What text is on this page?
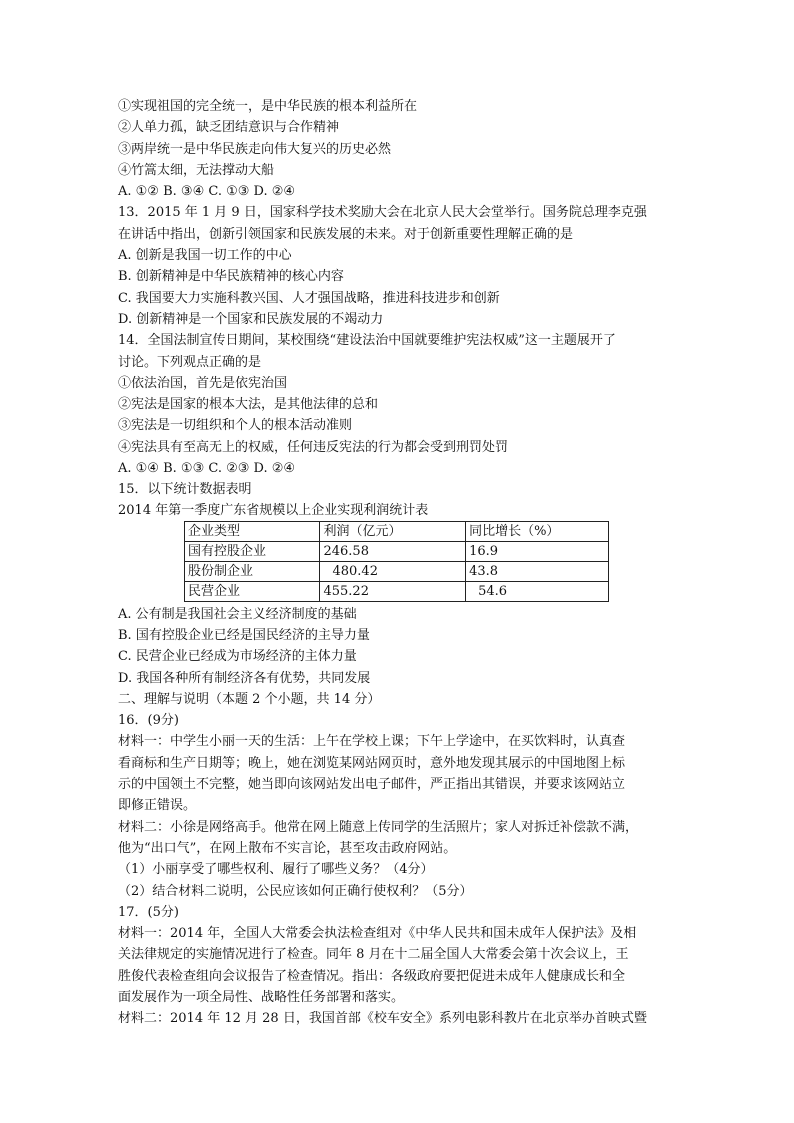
①实现祖国的完全统一，是中华民族的根本利益所在
②人单力孤，缺乏团结意识与合作精神
③两岸统一是中华民族走向伟大复兴的历史必然
④竹篙太细，无法撑动大船
A. ①② B. ③④ C. ①③ D. ②④
13．2015 年 1 月 9 日，国家科学技术奖励大会在北京人民大会堂举行。国务院总理李克强
在讲话中指出，创新引领国家和民族发展的未来。对于创新重要性理解正确的是
A. 创新是我国一切工作的中心
B. 创新精神是中华民族精神的核心内容
C. 我国要大力实施科教兴国、人才强国战略，推进科技进步和创新
D. 创新精神是一个国家和民族发展的不竭动力
14．全国法制宣传日期间，某校围绕“建设法治中国就要维护宪法权威”这一主题展开了
讨论。下列观点正确的是
①依法治国，首先是依宪治国
②宪法是国家的根本大法，是其他法律的总和
③宪法是一切组织和个人的根本活动准则
④宪法具有至高无上的权威，任何违反宪法的行为都会受到刑罚处罚
A. ①④ B. ①③ C. ②③ D. ②④
15．以下统计数据表明
2014 年第一季度广东省规模以上企业实现利润统计表
企业类型	利润（亿元）	同比增长（%）
国有控股企业	246.58	16.9
股份制企业	480.42	43.8
民营企业	455.22	54.6
A. 公有制是我国社会主义经济制度的基础
B. 国有控股企业已经是国民经济的主导力量
C. 民营企业已经成为市场经济的主体力量
D. 我国各种所有制经济各有优势，共同发展
二、理解与说明（本题 2 个小题，共 14 分）
16．(9分)
材料一：中学生小丽一天的生活：上午在学校上课；下午上学途中，在买饮料时，认真查
看商标和生产日期等；晚上，她在浏览某网站网页时，意外地发现其展示的中国地图上标
示的中国领土不完整，她当即向该网站发出电子邮件，严正指出其错误，并要求该网站立
即修正错误。
材料二：小徐是网络高手。他常在网上随意上传同学的生活照片；家人对拆迁补偿款不满，
他为“出口气”，在网上散布不实言论，甚至攻击政府网站。
（1）小丽享受了哪些权利、履行了哪些义务？（4分）
（2）结合材料二说明，公民应该如何正确行使权利？（5分）
17．(5分)
材料一：2014 年，全国人大常委会执法检查组对《中华人民共和国未成年人保护法》及相
关法律规定的实施情况进行了检查。同年 8 月在十二届全国人大常委会第十次会议上，王
胜俊代表检查组向会议报告了检查情况。指出：各级政府要把促进未成年人健康成长和全
面发展作为一项全局性、战略性任务部署和落实。
材料二：2014 年 12 月 28 日，我国首部《校车安全》系列电影科教片在北京举办首映式暨
